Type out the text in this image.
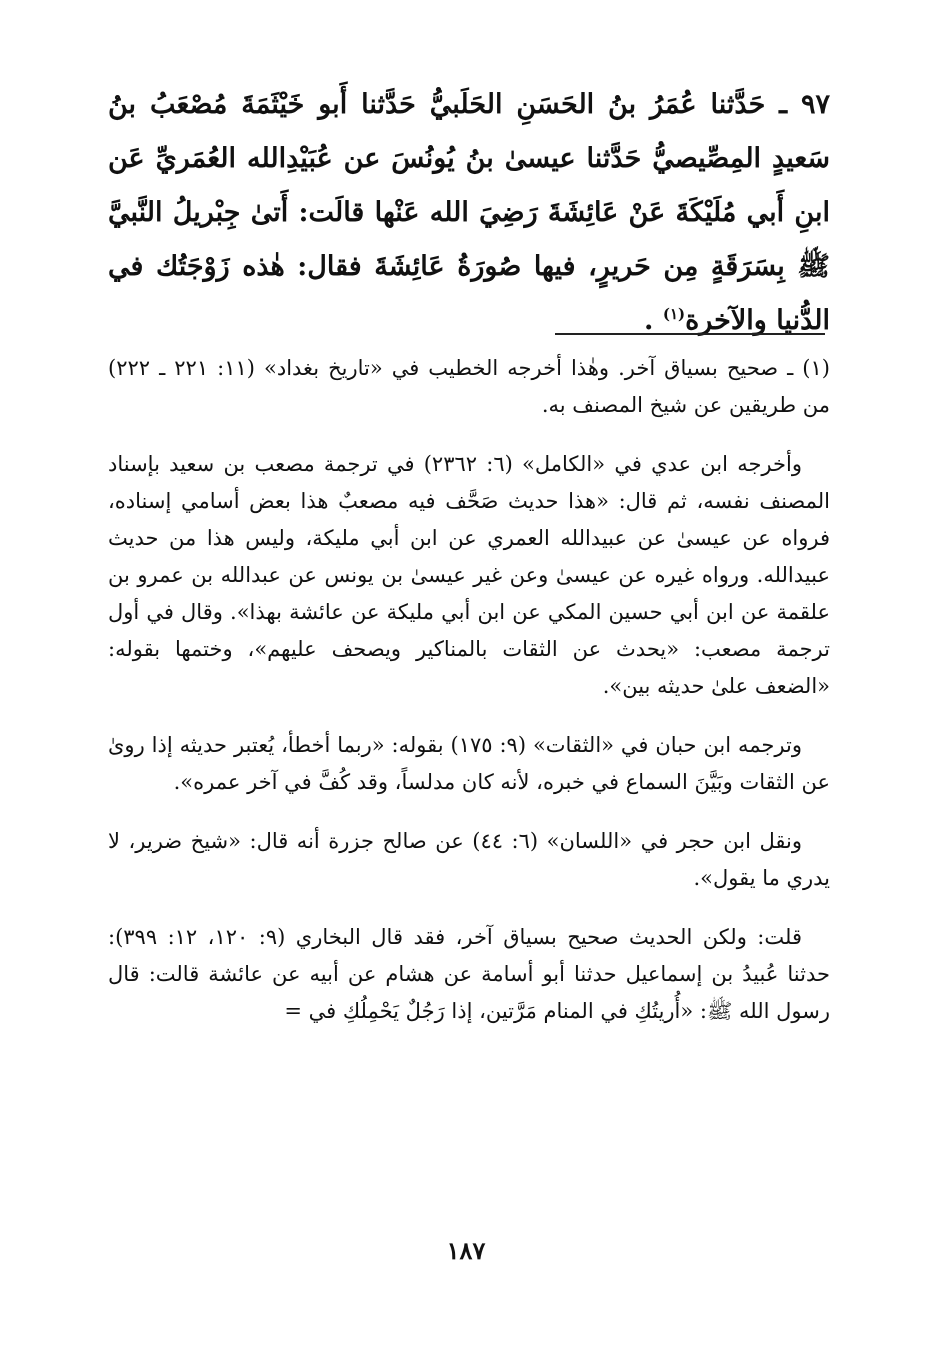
٩٧ ـ حَدَّثنا عُمَرُ بنُ الحَسَنِ الحَلَبيُّ حَدَّثنا أَبو خَيْثَمَةَ مُصْعَبُ بنُ سَعيدٍ المِصِّيصيُّ حَدَّثنا عيسىٰ بنُ يُونُسَ عن عُبَيْدِالله العُمَريِّ عَن ابنِ أَبي مُلَيْكَةَ عَنْ عَائِشَةَ رَضِيَ الله عَنْها قالَت: أَتىٰ جِبْريلُ النَّبيَّ ﷺ بِسَرَقَةٍ مِن حَريرٍ، فيها صُورَةُ عَائِشَةَ فقال: هٰذه زَوْجَتُك في الدُّنيا والآخرة$^{(١)}$ .

(١) ـ صحيح بسياق آخر. وهٰذا أخرجه الخطيب في «تاريخ بغداد» (١١: ٢٢١ ـ ٢٢٢) من طريقين عن شيخ المصنف به.

وأخرجه ابن عدي في «الكامل» (٦: ٢٣٦٢) في ترجمة مصعب بن سعيد بإسناد المصنف نفسه، ثم قال: «هذا حديث صَحَّف فيه مصعبٌ هذا بعض أسامي إسناده، فرواه عن عيسىٰ عن عبيدالله العمري عن ابن أبي مليكة، وليس هذا من حديث عبيدالله. ورواه غيره عن عيسىٰ وعن غير عيسىٰ بن يونس عن عبدالله بن عمرو بن علقمة عن ابن أبي حسين المكي عن ابن أبي مليكة عن عائشة بهذا». وقال في أول ترجمة مصعب: «يحدث عن الثقات بالمناكير ويصحف عليهم»، وختمها بقوله: «الضعف علىٰ حديثه بين».

وترجمه ابن حبان في «الثقات» (٩: ١٧٥) بقوله: «ربما أخطأ، يُعتبر حديثه إذا روىٰ عن الثقات وبَيَّنَ السماع في خبره، لأنه كان مدلساً، وقد كُفَّ في آخر عمره».

ونقل ابن حجر في «اللسان» (٦: ٤٤) عن صالح جزرة أنه قال: «شيخ ضرير، لا يدري ما يقول».

قلت: ولكن الحديث صحيح بسياق آخر، فقد قال البخاري (٩: ١٢٠، ١٢: ٣٩٩): حدثنا عُبيدُ بن إسماعيل حدثنا أبو أسامة عن هشام عن أبيه عن عائشة قالت: قال رسول الله ﷺ: «أُريتُكِ في المنام مَرَّتين، إذا رَجُلٌ يَحْمِلُكِ في =

١٨٧
